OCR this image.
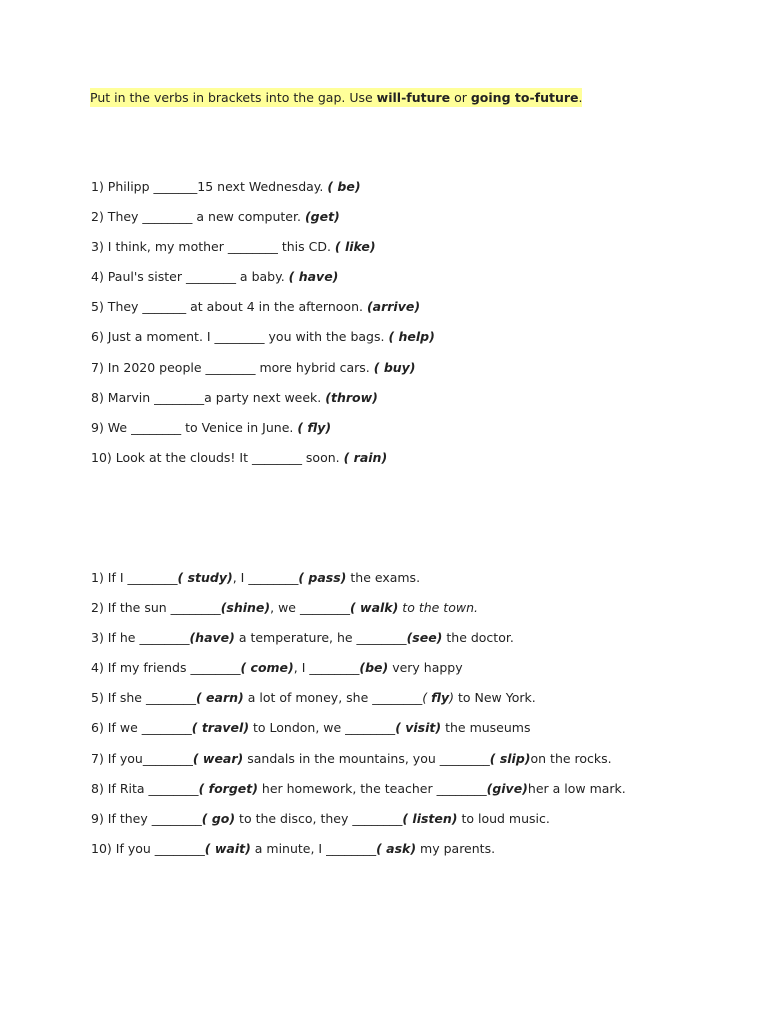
Put in the verbs in brackets into the gap. Use will-future or going to-future.
1) Philipp _______15 next Wednesday. ( be)
2) They ________ a new computer. (get)
3) I think, my mother ________ this CD. ( like)
4) Paul's sister ________ a baby. ( have)
5) They _______ at about 4 in the afternoon. (arrive)
6) Just a moment. I ________ you with the bags. ( help)
7) In 2020 people ________ more hybrid cars. ( buy)
8) Marvin ________a party next week. (throw)
9) We ________ to Venice in June. ( fly)
10) Look at the clouds! It ________ soon. ( rain)
1) If I ________( study), I ________( pass) the exams.
2) If the sun ________(shine), we ________( walk) to the town.
3) If he ________(have) a temperature, he ________(see) the doctor.
4) If my friends ________( come), I ________(be) very happy
5) If she ________( earn) a lot of money, she ________( fly) to New York.
6) If we ________( travel) to London, we ________( visit) the museums
7) If you________( wear) sandals in the mountains, you ________( slip)on the rocks.
8) If Rita ________( forget) her homework, the teacher ________(give)her a low mark.
9) If they ________( go) to the disco, they ________( listen) to loud music.
10) If you ________( wait) a minute, I ________( ask) my parents.
